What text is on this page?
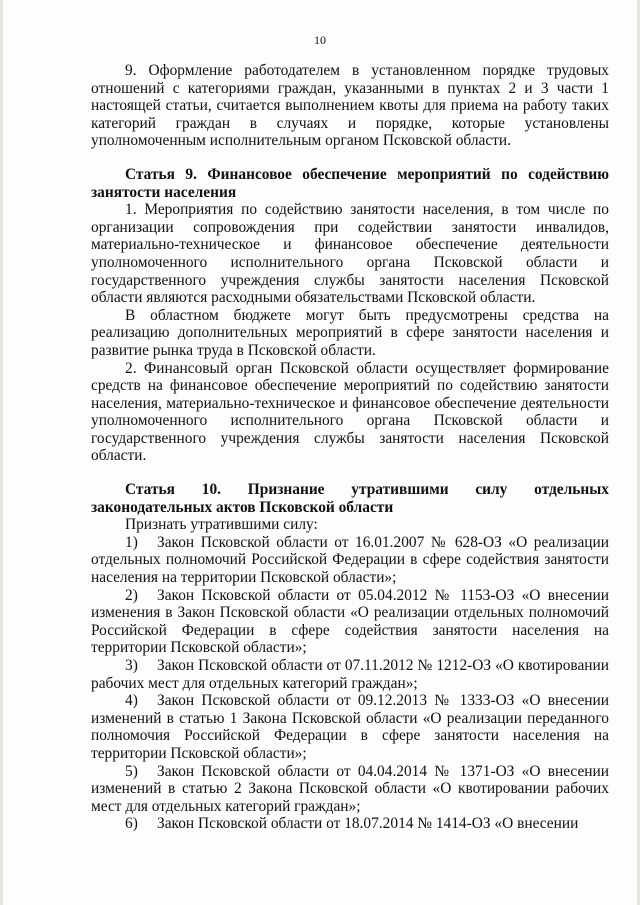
10

9. Оформление работодателем в установленном порядке трудовых отношений с категориями граждан, указанными в пунктах 2 и 3 части 1 настоящей статьи, считается выполнением квоты для приема на работу таких категорий граждан в случаях и порядке, которые установлены уполномоченным исполнительным органом Псковской области.

Статья 9. Финансовое обеспечение мероприятий по содействию занятости населения

1. Мероприятия по содействию занятости населения, в том числе по организации сопровождения при содействии занятости инвалидов, материально-техническое и финансовое обеспечение деятельности уполномоченного исполнительного органа Псковской области и государственного учреждения службы занятости населения Псковской области являются расходными обязательствами Псковской области.

В областном бюджете могут быть предусмотрены средства на реализацию дополнительных мероприятий в сфере занятости населения и развитие рынка труда в Псковской области.

2. Финансовый орган Псковской области осуществляет формирование средств на финансовое обеспечение мероприятий по содействию занятости населения, материально-техническое и финансовое обеспечение деятельности уполномоченного исполнительного органа Псковской области и государственного учреждения службы занятости населения Псковской области.

Статья 10. Признание утратившими силу отдельных законодательных актов Псковской области

Признать утратившими силу:

1) Закон Псковской области от 16.01.2007 № 628-ОЗ «О реализации отдельных полномочий Российской Федерации в сфере содействия занятости населения на территории Псковской области»;

2) Закон Псковской области от 05.04.2012 № 1153-ОЗ «О внесении изменения в Закон Псковской области «О реализации отдельных полномочий Российской Федерации в сфере содействия занятости населения на территории Псковской области»;

3) Закон Псковской области от 07.11.2012 № 1212-ОЗ «О квотировании рабочих мест для отдельных категорий граждан»;

4) Закон Псковской области от 09.12.2013 № 1333-ОЗ «О внесении изменений в статью 1 Закона Псковской области «О реализации переданного полномочия Российской Федерации в сфере занятости населения на территории Псковской области»;

5) Закон Псковской области от 04.04.2014 № 1371-ОЗ «О внесении изменений в статью 2 Закона Псковской области «О квотировании рабочих мест для отдельных категорий граждан»;

6) Закон Псковской области от 18.07.2014 № 1414-ОЗ «О внесении
